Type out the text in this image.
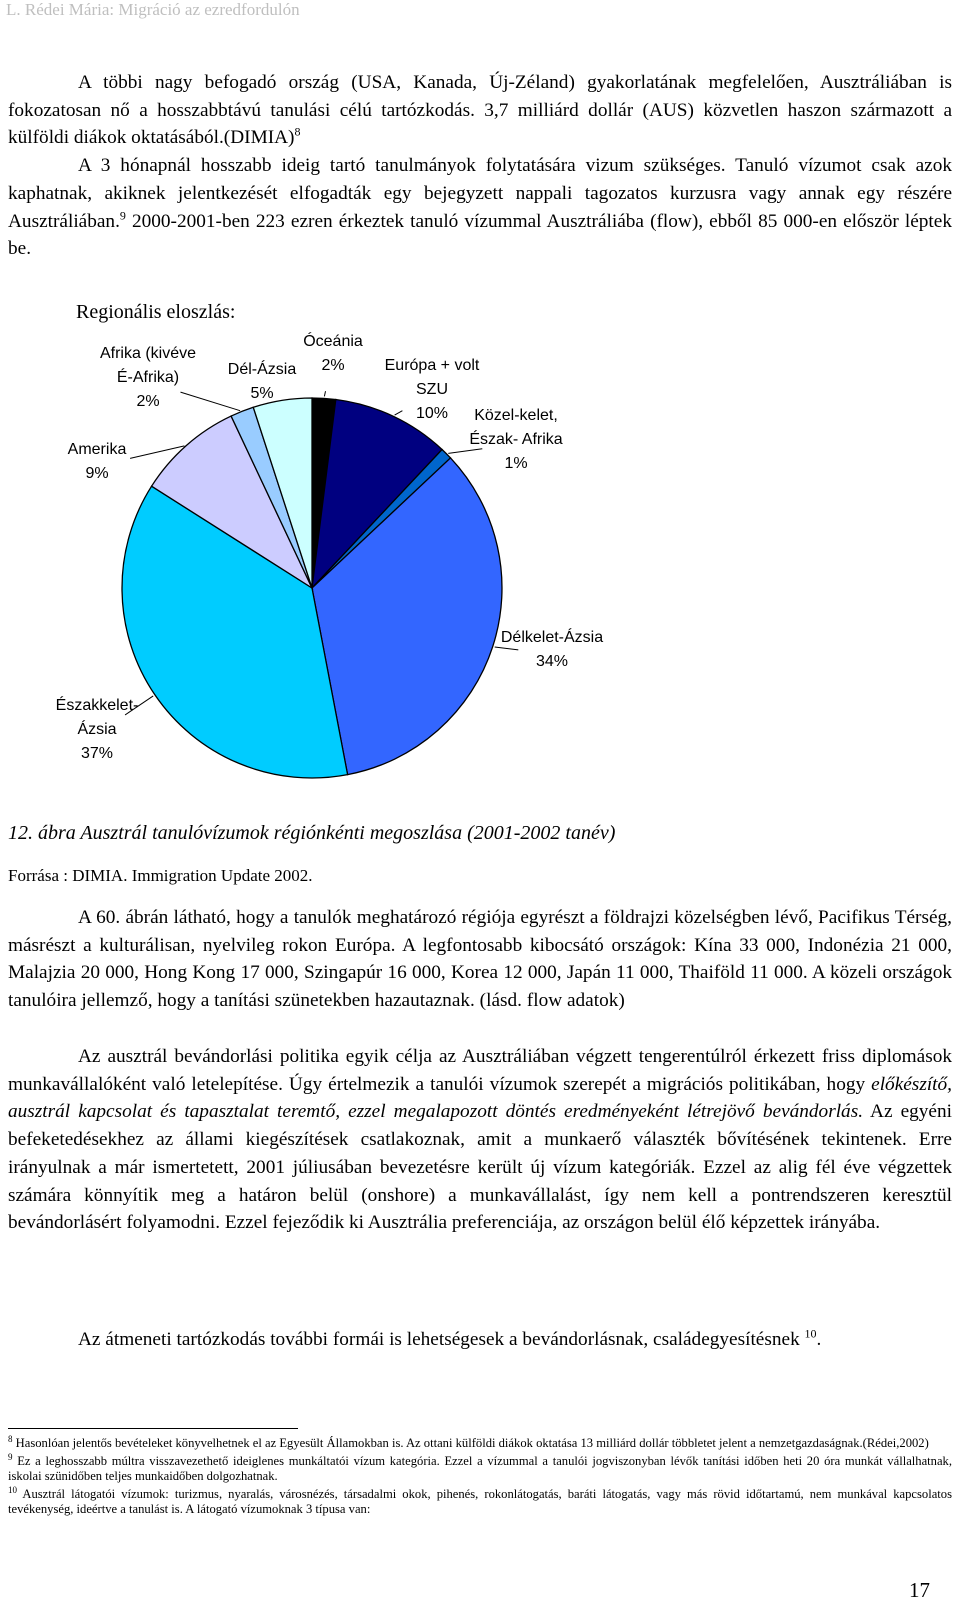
L. Rédei Mária: Migráció az ezredfordulón
A többi nagy befogadó ország (USA, Kanada, Új-Zéland) gyakorlatának megfelelően, Ausztráliában is fokozatosan nő a hosszabbtávú tanulási célú tartózkodás. 3,7 milliárd dollár (AUS) közvetlen haszon származott a külföldi diákok oktatásából.(DIMIA)$^8$
A 3 hónapnál hosszabb ideig tartó tanulmányok folytatására vizum szükséges. Tanuló vízumot csak azok kaphatnak, akiknek jelentkezését elfogadták egy bejegyzett nappali tagozatos kurzusra vagy annak egy részére Ausztráliában.$^9$ 2000-2001-ben 223 ezren érkeztek tanuló vízummal Ausztráliába (flow), ebből 85 000-en először léptek be.
Regionális eloszlás:
Óceánia 2%	Európa + volt SZU 10%	Közel-kelet, Észak- Afrika 1%
Délkelet-Ázsia 34%
Északkelet-Ázsia 37%
Amerika 9%
Afrika (kivéve É-Afrika) 2%
Dél-Ázsia 5%
12. ábra Ausztrál tanulóvízumok régiónkénti megoszlása (2001-2002 tanév)
Forrása : DIMIA. Immigration Update 2002.
A 60. ábrán látható, hogy a tanulók meghatározó régiója egyrészt a földrajzi közelségben lévő, Pacifikus Térség, másrészt a kulturálisan, nyelvileg rokon Európa. A legfontosabb kibocsátó országok: Kína 33 000, Indonézia 21 000, Malajzia 20 000, Hong Kong 17 000, Szingapúr 16 000, Korea 12 000, Japán 11 000, Thaiföld 11 000. A közeli országok tanulóira jellemző, hogy a tanítási szünetekben hazautaznak. (lásd. flow adatok)
Az ausztrál bevándorlási politika egyik célja az Ausztráliában végzett tengerentúlról érkezett friss diplomások munkavállalóként való letelepítése. Úgy értelmezik a tanulói vízumok szerepét a migrációs politikában, hogy előkészítő, ausztrál kapcsolat és tapasztalat teremtő, ezzel megalapozott döntés eredményeként létrejövő bevándorlás. Az egyéni befeketedésekhez az állami kiegészítések csatlakoznak, amit a munkaerő választék bővítésének tekintenek. Erre irányulnak a már ismertetett, 2001 júliusában bevezetésre került új vízum kategóriák. Ezzel az alig fél éve végzettek számára könnyítik meg a határon belül (onshore) a munkavállalást, így nem kell a pontrendszeren keresztül bevándorlásért folyamodni. Ezzel fejeződik ki Ausztrália preferenciája, az országon belül élő képzettek irányába.
Az átmeneti tartózkodás további formái is lehetségesek a bevándorlásnak, családegyesítésnek $^{10}$.

$^8$ Hasonlóan jelentős bevételeket könyvelhetnek el az Egyesült Államokban is. Az ottani külföldi diákok oktatása 13 milliárd dollár többletet jelent a nemzetgazdaságnak.(Rédei,2002)

$^9$ Ez a leghosszabb múltra visszavezethető ideiglenes munkáltatói vízum kategória. Ezzel a vízummal a tanulói jogviszonyban lévők tanítási időben heti 20 óra munkát vállalhatnak, iskolai szünidőben teljes munkaidőben dolgozhatnak.

$^{10}$ Ausztrál látogatói vízumok: turizmus, nyaralás, városnézés, társadalmi okok, pihenés, rokonlátogatás, baráti látogatás, vagy más rövid időtartamú, nem munkával kapcsolatos tevékenység, ideértve a tanulást is. A látogató vízumoknak 3 típusa van:

17
